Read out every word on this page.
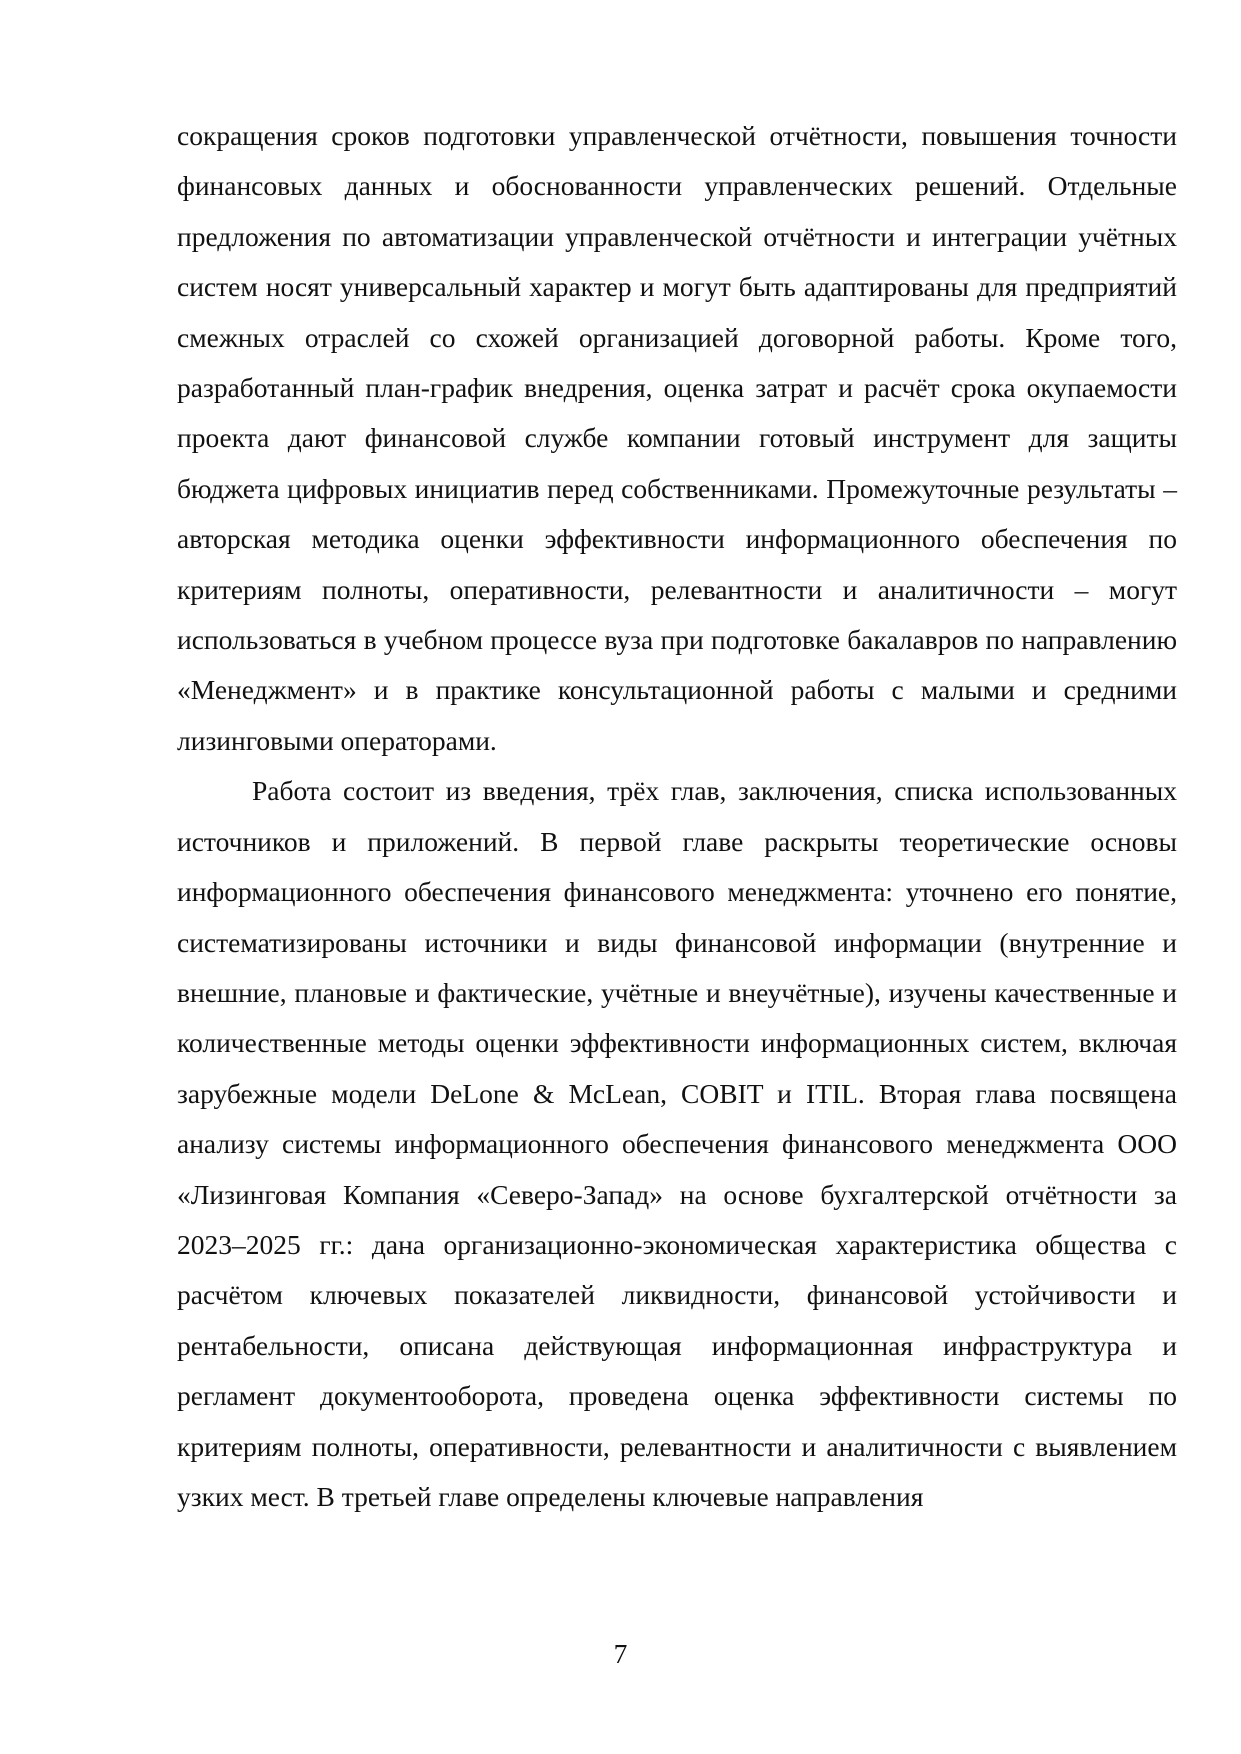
сокращения сроков подготовки управленческой отчётности, повышения точности финансовых данных и обоснованности управленческих решений. Отдельные предложения по автоматизации управленческой отчётности и интеграции учётных систем носят универсальный характер и могут быть адаптированы для предприятий смежных отраслей со схожей организацией договорной работы. Кроме того, разработанный план-график внедрения, оценка затрат и расчёт срока окупаемости проекта дают финансовой службе компании готовый инструмент для защиты бюджета цифровых инициатив перед собственниками. Промежуточные результаты – авторская методика оценки эффективности информационного обеспечения по критериям полноты, оперативности, релевантности и аналитичности – могут использоваться в учебном процессе вуза при подготовке бакалавров по направлению «Менеджмент» и в практике консультационной работы с малыми и средними лизинговыми операторами.

Работа состоит из введения, трёх глав, заключения, списка использованных источников и приложений. В первой главе раскрыты теоретические основы информационного обеспечения финансового менеджмента: уточнено его понятие, систематизированы источники и виды финансовой информации (внутренние и внешние, плановые и фактические, учётные и внеучётные), изучены качественные и количественные методы оценки эффективности информационных систем, включая зарубежные модели DeLone & McLean, COBIT и ITIL. Вторая глава посвящена анализу системы информационного обеспечения финансового менеджмента ООО «Лизинговая Компания «Северо-Запад» на основе бухгалтерской отчётности за 2023–2025 гг.: дана организационно-экономическая характеристика общества с расчётом ключевых показателей ликвидности, финансовой устойчивости и рентабельности, описана действующая информационная инфраструктура и регламент документооборота, проведена оценка эффективности системы по критериям полноты, оперативности, релевантности и аналитичности с выявлением узких мест. В третьей главе определены ключевые направления

7
